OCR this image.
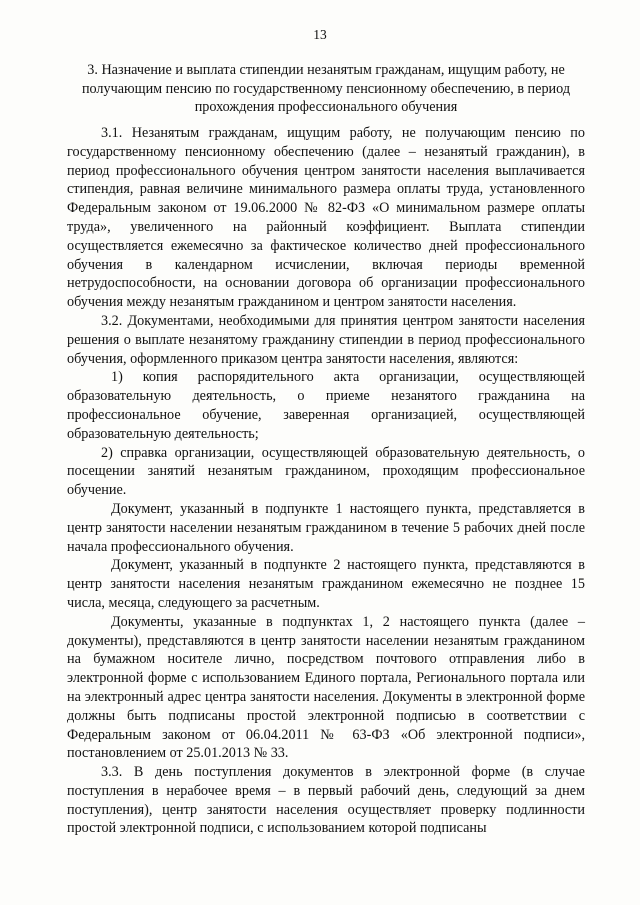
13
3. Назначение и выплата стипендии незанятым гражданам, ищущим работу, не получающим пенсию по государственному пенсионному обеспечению, в период прохождения профессионального обучения

3.1. Незанятым гражданам, ищущим работу, не получающим пенсию по государственному пенсионному обеспечению (далее – незанятый гражданин), в период профессионального обучения центром занятости населения выплачивается стипендия, равная величине минимального размера оплаты труда, установленного Федеральным законом от 19.06.2000 № 82-ФЗ «О минимальном размере оплаты труда», увеличенного на районный коэффициент. Выплата стипендии осуществляется ежемесячно за фактическое количество дней профессионального обучения в календарном исчислении, включая периоды временной нетрудоспособности, на основании договора об организации профессионального обучения между незанятым гражданином и центром занятости населения.

3.2. Документами, необходимыми для принятия центром занятости населения решения о выплате незанятому гражданину стипендии в период профессионального обучения, оформленного приказом центра занятости населения, являются:

1) копия распорядительного акта организации, осуществляющей образовательную деятельность, о приеме незанятого гражданина на профессиональное обучение, заверенная организацией, осуществляющей образовательную деятельность;

2) справка организации, осуществляющей образовательную деятельность, о посещении занятий незанятым гражданином, проходящим профессиональное обучение.

Документ, указанный в подпункте 1 настоящего пункта, представляется в центр занятости населении незанятым гражданином в течение 5 рабочих дней после начала профессионального обучения.

Документ, указанный в подпункте 2 настоящего пункта, представляются в центр занятости населения незанятым гражданином ежемесячно не позднее 15 числа, месяца, следующего за расчетным.

Документы, указанные в подпунктах 1, 2 настоящего пункта (далее – документы), представляются в центр занятости населении незанятым гражданином на бумажном носителе лично, посредством почтового отправления либо в электронной форме с использованием Единого портала, Регионального портала или на электронный адрес центра занятости населения. Документы в электронной форме должны быть подписаны простой электронной подписью в соответствии с Федеральным законом от 06.04.2011 № 63-ФЗ «Об электронной подписи», постановлением от 25.01.2013 № 33.

3.3. В день поступления документов в электронной форме (в случае поступления в нерабочее время – в первый рабочий день, следующий за днем поступления), центр занятости населения осуществляет проверку подлинности простой электронной подписи, с использованием которой подписаны
